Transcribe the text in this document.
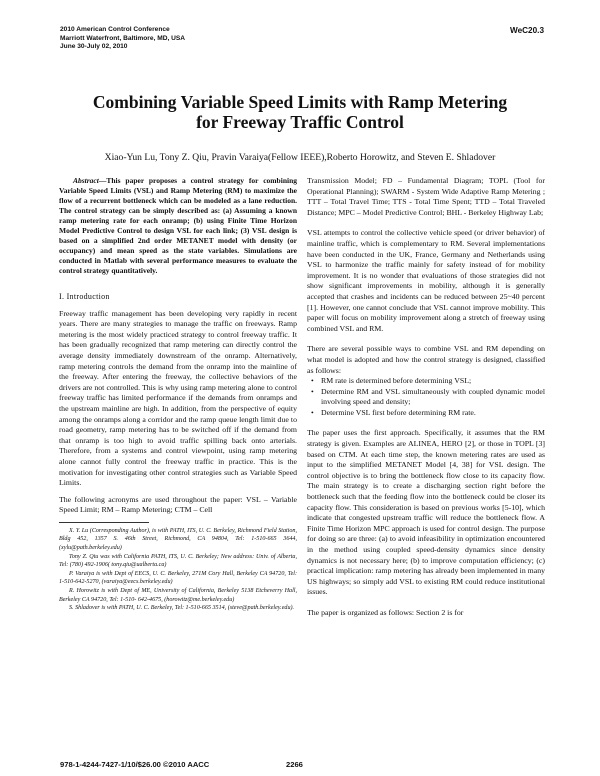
2010 American Control Conference
Marriott Waterfront, Baltimore, MD, USA
June 30-July 02, 2010
WeC20.3
Combining Variable Speed Limits with Ramp Metering
for Freeway Traffic Control
Xiao-Yun Lu, Tony Z. Qiu, Pravin Varaiya(Fellow IEEE),Roberto Horowitz, and Steven E. Shladover

Abstract—This paper proposes a control strategy for combining Variable Speed Limits (VSL) and Ramp Metering (RM) to maximize the flow of a recurrent bottleneck which can be modeled as a lane reduction. The control strategy can be simply described as: (a) Assuming a known ramp metering rate for each onramp; (b) using Finite Time Horizon Model Predictive Control to design VSL for each link; (3) VSL design is based on a simplified 2nd order METANET model with density (or occupancy) and mean speed as the state variables. Simulations are conducted in Matlab with several performance measures to evaluate the control strategy quantitatively.

I. Introduction

Freeway traffic management has been developing very rapidly in recent years. There are many strategies to manage the traffic on freeways. Ramp metering is the most widely practiced strategy to control freeway traffic. It has been gradually recognized that ramp metering can directly control the average density immediately downstream of the onramp. Alternatively, ramp metering controls the demand from the onramp into the mainline of the freeway. After entering the freeway, the collective behaviors of the drivers are not controlled. This is why using ramp metering alone to control freeway traffic has limited performance if the demands from onramps and the upstream mainline are high. In addition, from the perspective of equity among the onramps along a corridor and the ramp queue length limit due to road geometry, ramp metering has to be switched off if the demand from that onramp is too high to avoid traffic spilling back onto arterials. Therefore, from a systems and control viewpoint, using ramp metering alone cannot fully control the freeway traffic in practice. This is the motivation for investigating other control strategies such as Variable Speed Limits.

The following acronyms are used throughout the paper: VSL – Variable Speed Limit; RM – Ramp Metering; CTM – Cell

X. Y. Lu (Corresponding Author), is with PATH, ITS, U. C. Berkeley, Richmond Field Station, Bldg 452, 1357 S. 46th Street, Richmond, CA 94804, Tel: 1-510-665 3644, (xylu@path.berkeley.edu)

Tony Z. Qiu was with California PATH, ITS, U. C. Berkeley; New address: Univ. of Alberta, Tel: (780) 492-1906( tony.qiu@ualberta.ca)

P. Varaiya is with Dept of EECS, U. C. Berkeley, 271M Cory Hall, Berkeley CA 94720, Tel: 1-510-642-5270, (varaiya@eecs.berkeley.edu)

R. Horowitz is with Dept of ME, University of California, Berkeley 5138 Etcheverry Hall, Berkeley CA 94720, Tel: 1-510- 642-4675, (horowitz@me.berkeley.edu)

S. Shladover is with PATH, U. C. Berkeley, Tel: 1-510-665 3514, (steve@path.berkeley.edu).

Transmission Model; FD – Fundamental Diagram; TOPL (Tool for Operational Planning); SWARM - System Wide Adaptive Ramp Metering ; TTT – Total Travel Time; TTS - Total Time Spent; TTD – Total Traveled Distance; MPC – Model Predictive Control; BHL - Berkeley Highway Lab;

VSL attempts to control the collective vehicle speed (or driver behavior) of mainline traffic, which is complementary to RM. Several implementations have been conducted in the UK, France, Germany and Netherlands using VSL to harmonize the traffic mainly for safety instead of for mobility improvement. It is no wonder that evaluations of those strategies did not show significant improvements in mobility, although it is generally accepted that crashes and incidents can be reduced between 25~40 percent [1]. However, one cannot conclude that VSL cannot improve mobility. This paper will focus on mobility improvement along a stretch of freeway using combined VSL and RM.

There are several possible ways to combine VSL and RM depending on what model is adopted and how the control strategy is designed, classified as follows:

• RM rate is determined before determining VSL;
• Determine RM and VSL simultaneously with coupled dynamic model involving speed and density;
• Determine VSL first before determining RM rate.

The paper uses the first approach. Specifically, it assumes that the RM strategy is given. Examples are ALINEA, HERO [2], or those in TOPL [3] based on CTM. At each time step, the known metering rates are used as input to the simplified METANET Model [4, 38] for VSL design. The control objective is to bring the bottleneck flow close to its capacity flow. The main strategy is to create a discharging section right before the bottleneck such that the feeding flow into the bottleneck could be closer its capacity flow. This consideration is based on previous works [5-10], which indicate that congested upstream traffic will reduce the bottleneck flow. A Finite Time Horizon MPC approach is used for control design. The purpose for doing so are three: (a) to avoid infeasibility in optimization encountered in the method using coupled speed-density dynamics since density dynamics is not necessary here; (b) to improve computation efficiency; (c) practical implication: ramp metering has already been implemented in many US highways; so simply add VSL to existing RM could reduce institutional issues.

The paper is organized as follows: Section 2 is for

978-1-4244-7427-1/10/$26.00 ©2010 AACC	2266
